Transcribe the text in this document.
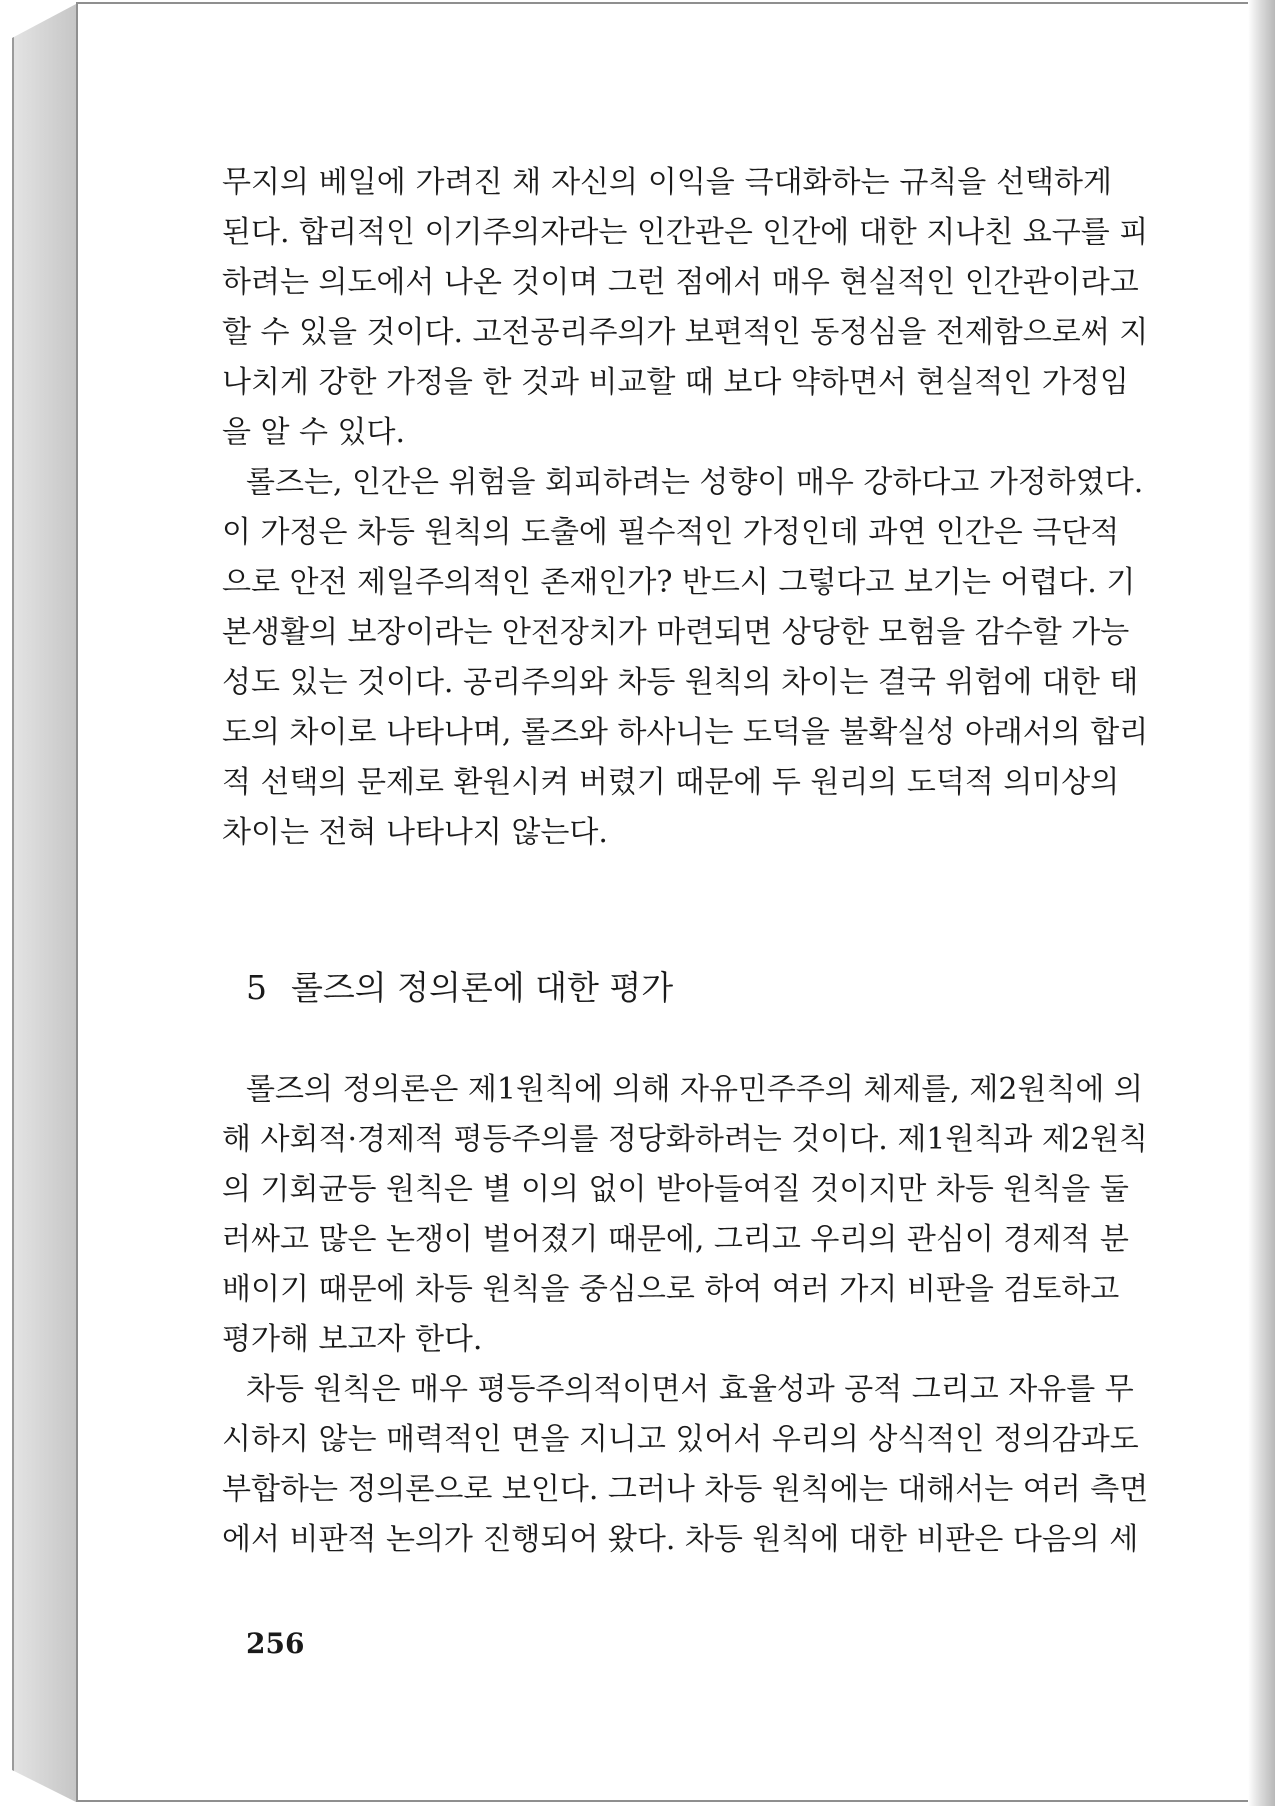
무지의 베일에 가려진 채 자신의 이익을 극대화하는 규칙을 선택하게
된다. 합리적인 이기주의자라는 인간관은 인간에 대한 지나친 요구를 피
하려는 의도에서 나온 것이며 그런 점에서 매우 현실적인 인간관이라고
할 수 있을 것이다. 고전공리주의가 보편적인 동정심을 전제함으로써 지
나치게 강한 가정을 한 것과 비교할 때 보다 약하면서 현실적인 가정임
을 알 수 있다.
롤즈는, 인간은 위험을 회피하려는 성향이 매우 강하다고 가정하였다.
이 가정은 차등 원칙의 도출에 필수적인 가정인데 과연 인간은 극단적
으로 안전 제일주의적인 존재인가? 반드시 그렇다고 보기는 어렵다. 기
본생활의 보장이라는 안전장치가 마련되면 상당한 모험을 감수할 가능
성도 있는 것이다. 공리주의와 차등 원칙의 차이는 결국 위험에 대한 태
도의 차이로 나타나며, 롤즈와 하사니는 도덕을 불확실성 아래서의 합리
적 선택의 문제로 환원시켜 버렸기 때문에 두 원리의 도덕적 의미상의
차이는 전혀 나타나지 않는다.
5 롤즈의 정의론에 대한 평가
롤즈의 정의론은 제1원칙에 의해 자유민주주의 체제를, 제2원칙에 의
해 사회적·경제적 평등주의를 정당화하려는 것이다. 제1원칙과 제2원칙
의 기회균등 원칙은 별 이의 없이 받아들여질 것이지만 차등 원칙을 둘
러싸고 많은 논쟁이 벌어졌기 때문에, 그리고 우리의 관심이 경제적 분
배이기 때문에 차등 원칙을 중심으로 하여 여러 가지 비판을 검토하고
평가해 보고자 한다.
차등 원칙은 매우 평등주의적이면서 효율성과 공적 그리고 자유를 무
시하지 않는 매력적인 면을 지니고 있어서 우리의 상식적인 정의감과도
부합하는 정의론으로 보인다. 그러나 차등 원칙에는 대해서는 여러 측면
에서 비판적 논의가 진행되어 왔다. 차등 원칙에 대한 비판은 다음의 세
256
